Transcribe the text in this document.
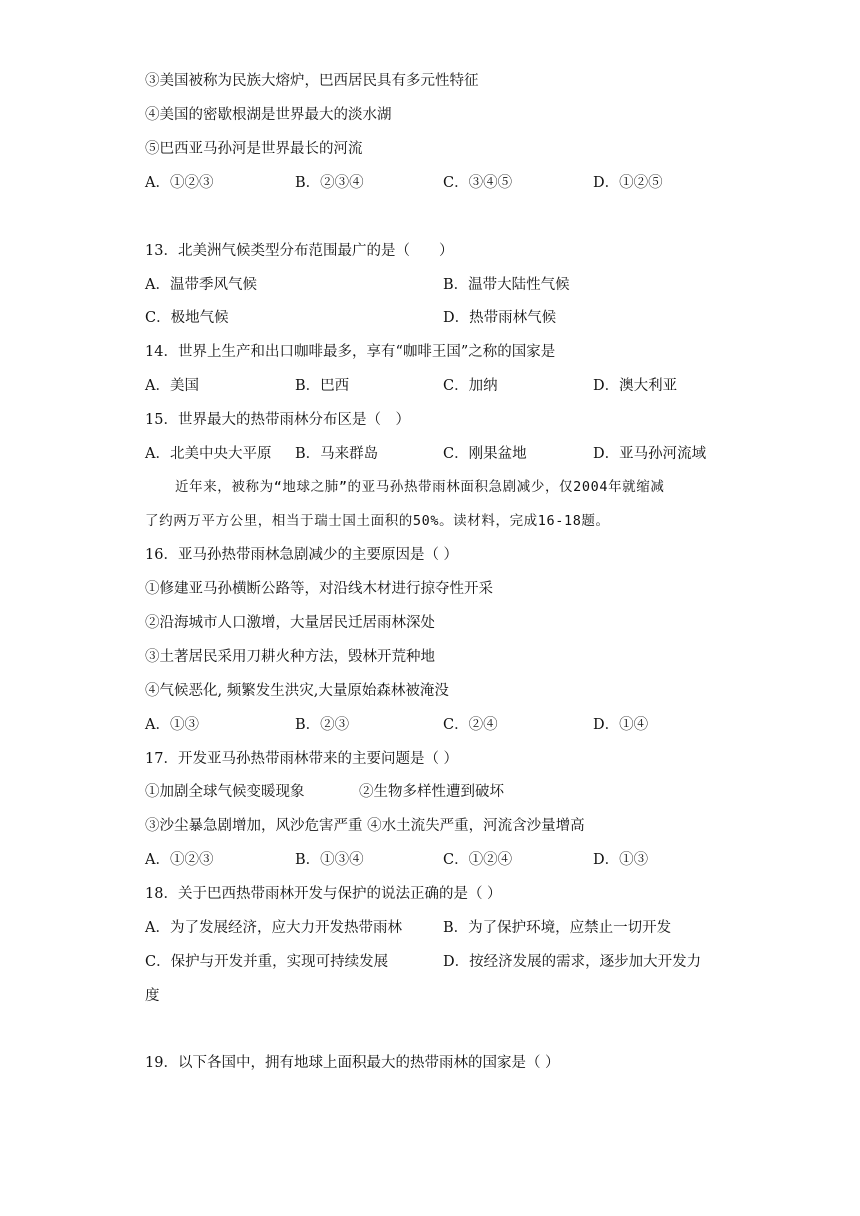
③美国被称为民族大熔炉，巴西居民具有多元性特征
④美国的密歇根湖是世界最大的淡水湖
⑤巴西亚马孙河是世界最长的河流
A．①②③	B．②③④	C．③④⑤	D．①②⑤
13．北美洲气候类型分布范围最广的是（　　）
A．温带季风气候	B．温带大陆性气候
C．极地气候	D．热带雨林气候
14．世界上生产和出口咖啡最多，享有“咖啡王国”之称的国家是
A．美国	B．巴西	C．加纳	D．澳大利亚
15．世界最大的热带雨林分布区是（　）
A．北美中央大平原 B．马来群岛	C．刚果盆地	D．亚马孙河流域
近年来，被称为“地球之肺”的亚马孙热带雨林面积急剧减少，仅2004年就缩减
了约两万平方公里，相当于瑞士国土面积的50%。读材料，完成16-18题。
16．亚马孙热带雨林急剧减少的主要原因是（ ）
①修建亚马孙横断公路等，对沿线木材进行掠夺性开采
②沿海城市人口激增，大量居民迁居雨林深处
③土著居民采用刀耕火种方法，毁林开荒种地
④气候恶化, 频繁发生洪灾,大量原始森林被淹没
A．①③	B．②③	C．②④	D．①④
17．开发亚马孙热带雨林带来的主要问题是（ ）
①加剧全球气候变暖现象	②生物多样性遭到破坏
③沙尘暴急剧增加，风沙危害严重 ④水土流失严重，河流含沙量增高
A．①②③	B．①③④	C．①②④	D．①③
18．关于巴西热带雨林开发与保护的说法正确的是（ ）
A．为了发展经济，应大力开发热带雨林	B．为了保护环境，应禁止一切开发
C．保护与开发并重，实现可持续发展	D．按经济发展的需求，逐步加大开发力
度
19．以下各国中，拥有地球上面积最大的热带雨林的国家是（ ）
